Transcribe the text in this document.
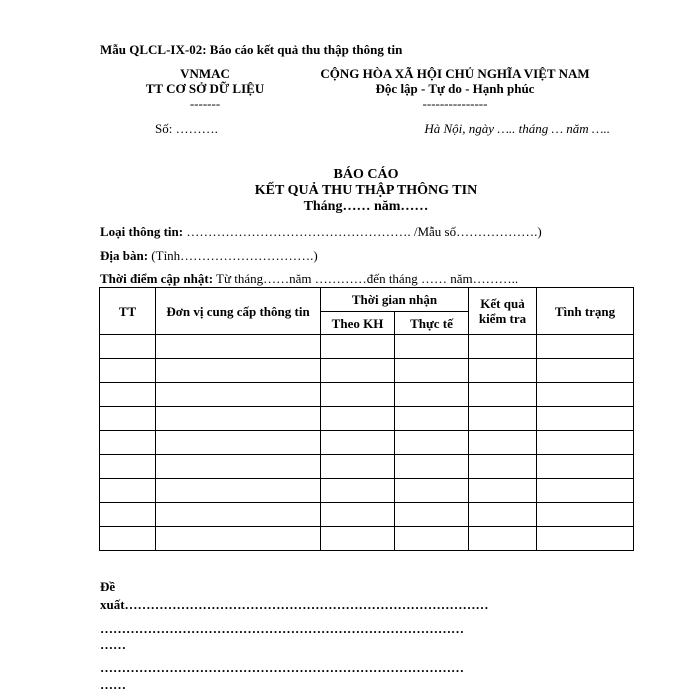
Mẫu QLCL-IX-02: Báo cáo kết quả thu thập thông tin
VNMAC
TT CƠ SỞ DỮ LIỆU
-------
CỘNG HÒA XÃ HỘI CHỦ NGHĨA VIỆT NAM
Độc lập - Tự do - Hạnh phúc
---------------
Số: ……….	Hà Nội, ngày ….. tháng … năm …..
BÁO CÁO
KẾT QUẢ THU THẬP THÔNG TIN
Tháng…… năm……
Loại thông tin: ……………………………………………. /Mẫu số……………….)
Địa bàn: (Tỉnh………………………….)
Thời điểm cập nhật: Từ tháng……năm …………đến tháng …… năm………..
TT	Đơn vị cung cấp thông tin	Thời gian nhận		Kết quả kiểm tra	Tình trạng
		Theo KH	Thực tế		

Đề
xuất…………………………………………………………………………
…………………………………………………………………………
……
…………………………………………………………………………
……
